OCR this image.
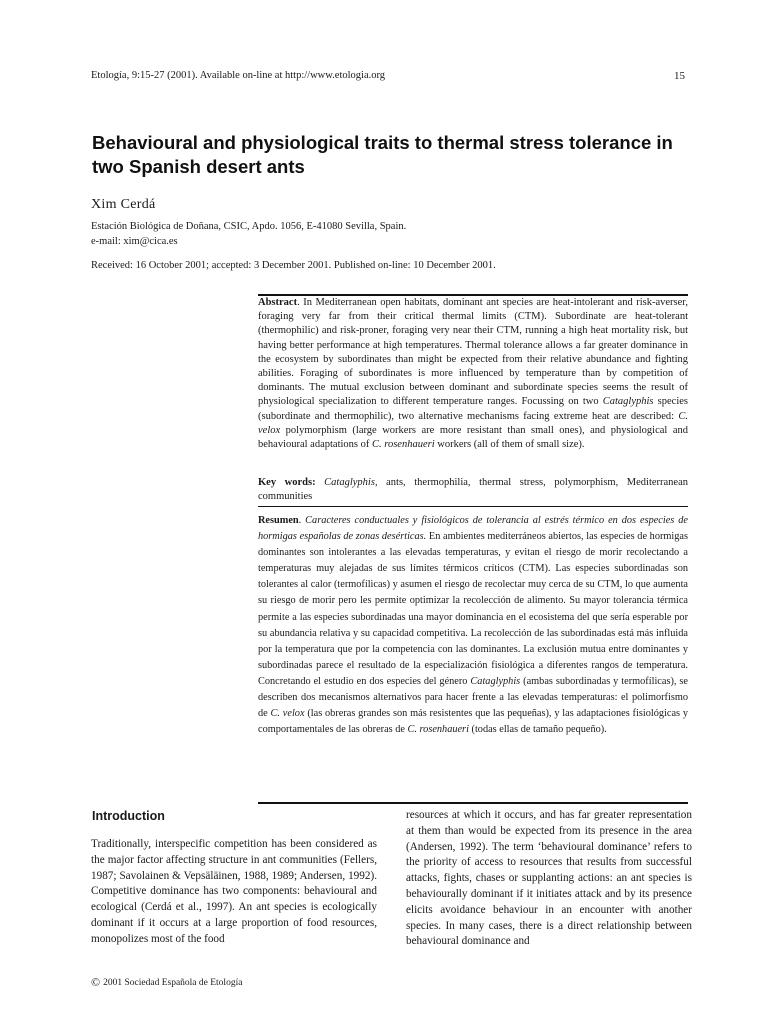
Etología, 9:15-27 (2001). Available on-line at http://www.etologia.org	15
Behavioural and physiological traits to thermal stress tolerance in two Spanish desert ants
Xim Cerdá
Estación Biológica de Doñana, CSIC, Apdo. 1056, E-41080 Sevilla, Spain.
e-mail: xim@cica.es
Received: 16 October 2001; accepted: 3 December 2001. Published on-line: 10 December 2001.

Abstract. In Mediterranean open habitats, dominant ant species are heat-intolerant and risk-averser, foraging very far from their critical thermal limits (CTM). Subordinate are heat-tolerant (thermophilic) and risk-proner, foraging very near their CTM, running a high heat mortality risk, but having better performance at high temperatures. Thermal tolerance allows a far greater dominance in the ecosystem by subordinates than might be expected from their relative abundance and fighting abilities. Foraging of subordinates is more influenced by temperature than by competition of dominants. The mutual exclusion between dominant and subordinate species seems the result of physiological specialization to different temperature ranges. Focussing on two Cataglyphis species (subordinate and thermophilic), two alternative mechanisms facing extreme heat are described: C. velox polymorphism (large workers are more resistant than small ones), and physiological and behavioural adaptations of C. rosenhaueri workers (all of them of small size).

Key words: Cataglyphis, ants, thermophilia, thermal stress, polymorphism, Mediterranean communities

Resumen. Caracteres conductuales y fisiológicos de tolerancia al estrés térmico en dos especies de hormigas españolas de zonas desérticas. En ambientes mediterráneos abiertos, las especies de hormigas dominantes son intolerantes a las elevadas temperaturas, y evitan el riesgo de morir recolectando a temperaturas muy alejadas de sus límites térmicos críticos (CTM). Las especies subordinadas son tolerantes al calor (termofílicas) y asumen el riesgo de recolectar muy cerca de su CTM, lo que aumenta su riesgo de morir pero les permite optimizar la recolección de alimento. Su mayor tolerancia térmica permite a las especies subordinadas una mayor dominancia en el ecosistema del que sería esperable por su abundancia relativa y su capacidad competitiva. La recolección de las subordinadas está más influida por la temperatura que por la competencia con las dominantes. La exclusión mutua entre dominantes y subordinadas parece el resultado de la especialización fisiológica a diferentes rangos de temperatura. Concretando el estudio en dos especies del género Cataglyphis (ambas subordinadas y termofílicas), se describen dos mecanismos alternativos para hacer frente a las elevadas temperaturas: el polimorfismo de C. velox (las obreras grandes son más resistentes que las pequeñas), y las adaptaciones fisiológicas y comportamentales de las obreras de C. rosenhaueri (todas ellas de tamaño pequeño).

Introduction

Traditionally, interspecific competition has been considered as the major factor affecting structure in ant communities (Fellers, 1987; Savolainen & Vepsäläinen, 1988, 1989; Andersen, 1992). Competitive dominance has two components: behavioural and ecological (Cerdá et al., 1997). An ant species is ecologically dominant if it occurs at a large proportion of food resources, monopolizes most of the food

resources at which it occurs, and has far greater representation at them than would be expected from its presence in the area (Andersen, 1992). The term ‘behavioural dominance’ refers to the priority of access to resources that results from successful attacks, fights, chases or supplanting actions: an ant species is behaviourally dominant if it initiates attack and by its presence elicits avoidance behaviour in an encounter with another species. In many cases, there is a direct relationship between behavioural dominance and

© 2001 Sociedad Española de Etología
